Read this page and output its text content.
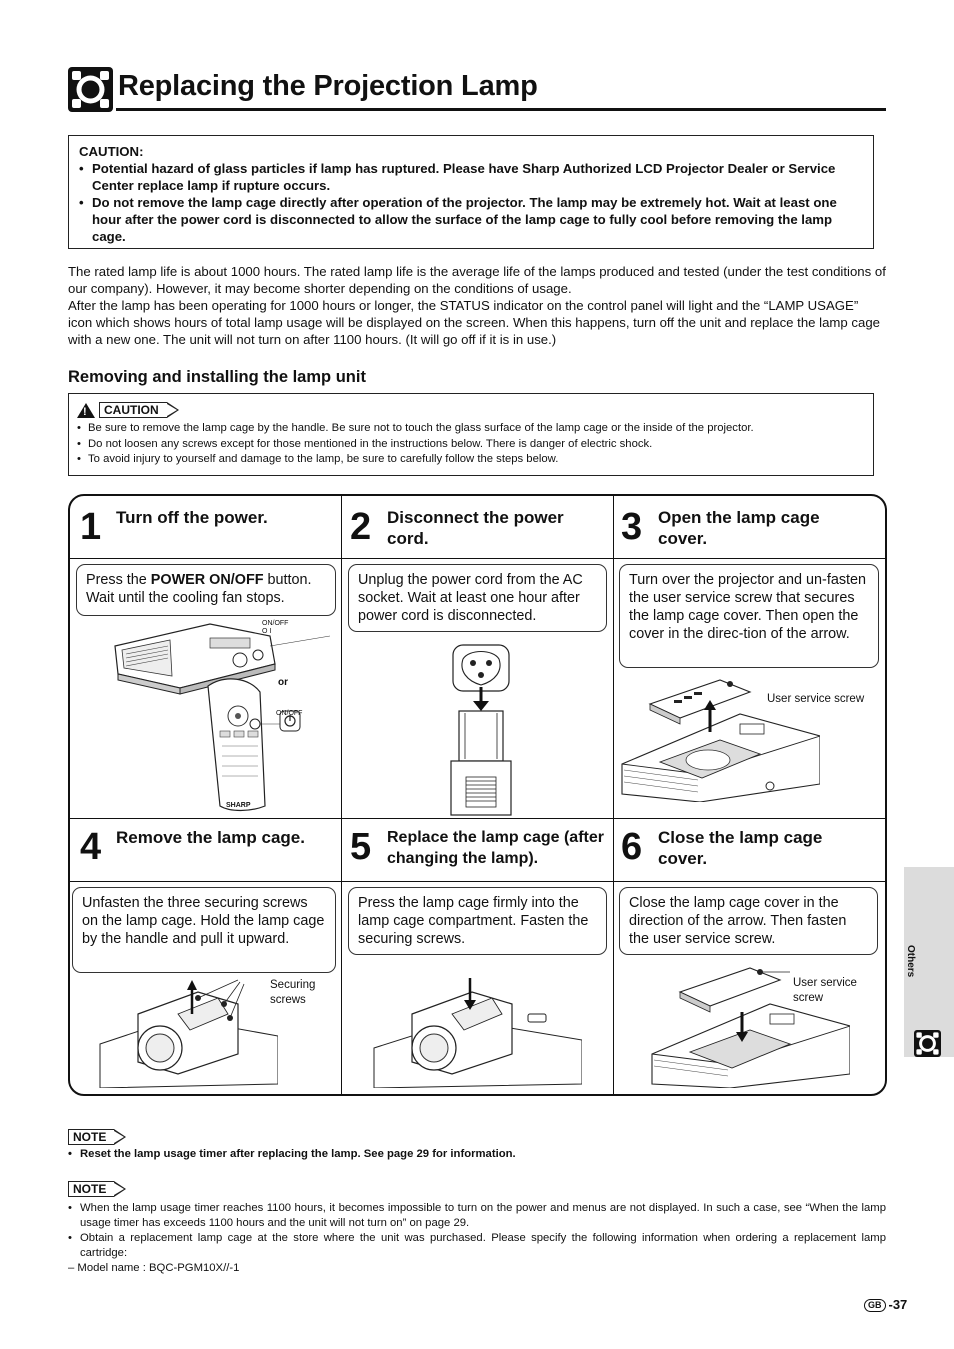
Replacing the Projection Lamp
CAUTION:
• Potential hazard of glass particles if lamp has ruptured. Please have Sharp Authorized LCD Projector Dealer or Service Center replace lamp if rupture occurs.
• Do not remove the lamp cage directly after operation of the projector. The lamp may be extremely hot. Wait at least one hour after the power cord is disconnected to allow the surface of the lamp cage to fully cool before removing the lamp cage.

The rated lamp life is about 1000 hours. The rated lamp life is the average life of the lamps produced and tested (under the test conditions of our company). However, it may become shorter depending on the conditions of usage.

After the lamp has been operating for 1000 hours or longer, the STATUS indicator on the control panel will light and the “LAMP USAGE” icon which shows hours of total lamp usage will be displayed on the screen. When this happens, turn off the unit and replace the lamp cage with a new one. The unit will not turn on after 1100 hours. (It will go off if it is in use.)

Removing and installing the lamp unit
!
CAUTION
• Be sure to remove the lamp cage by the handle. Be sure not to touch the glass surface of the lamp cage or the inside of the projector.
• Do not loosen any screws except for those mentioned in the instructions below. There is danger of electric shock.
• To avoid injury to yourself and damage to the lamp, be sure to carefully follow the steps below.
1 Turn off the power.
Press the POWER ON/OFF button. Wait until the cooling fan stops.
ON/OFF
O I
or
ON/OFF
SHARP
2 Disconnect the power cord.
Unplug the power cord from the AC socket. Wait at least one hour after power cord is disconnected.
3 Open the lamp cage cover.
Turn over the projector and un-fasten the user service screw that secures the lamp cage cover. Then open the cover in the direc-tion of the arrow.
User service screw
4 Remove the lamp cage.
Unfasten the three securing screws on the lamp cage. Hold the lamp cage by the handle and pull it upward.
Securing
screws
5 Replace the lamp cage (after changing the lamp).
Press the lamp cage firmly into the lamp cage compartment. Fasten the securing screws.
6 Close the lamp cage cover.
Close the lamp cage cover in the direction of the arrow. Then fasten the user service screw.
User service
screw
NOTE
• Reset the lamp usage timer after replacing the lamp. See page 29 for information.
NOTE
• When the lamp usage timer reaches 1100 hours, it becomes impossible to turn on the power and menus are not displayed. In such a case, see “When the lamp usage timer has exceeds 1100 hours and the unit will not turn on” on page 29.
• Obtain a replacement lamp cage at the store where the unit was purchased. Please specify the following information when ordering a replacement lamp cartridge:
– Model name : BQC-PGM10X//-1
Others
GB -37
